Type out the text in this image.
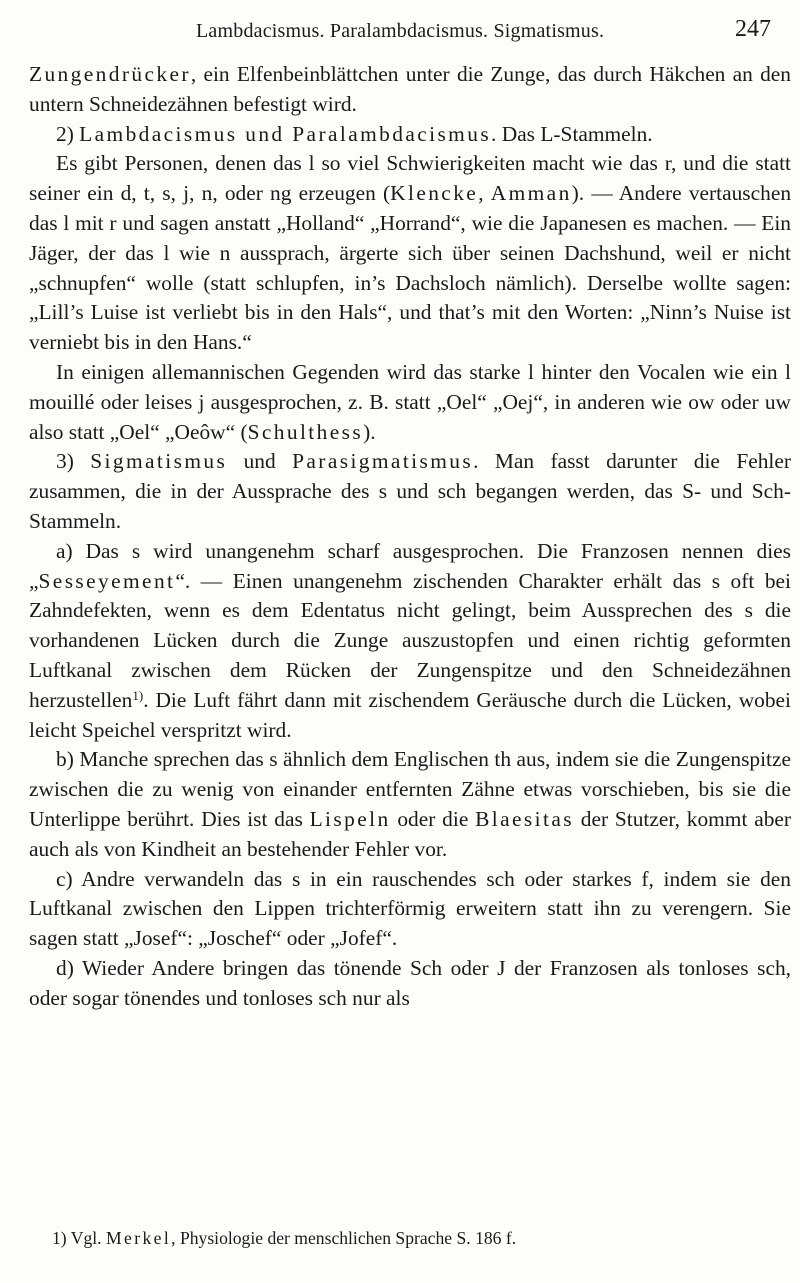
Lambdacismus. Paralambdacismus. Sigmatismus.	247

Zungendrücker, ein Elfenbeinblättchen unter die Zunge, das durch Häkchen an den untern Schneidezähnen befestigt wird.

2) Lambdacismus und Paralambdacismus. Das L-Stammeln.

Es gibt Personen, denen das l so viel Schwierigkeiten macht wie das r, und die statt seiner ein d, t, s, j, n, oder ng erzeugen (Klencke, Amman). — Andere vertauschen das l mit r und sagen anstatt „Holland“ „Horrand“, wie die Japanesen es machen. — Ein Jäger, der das l wie n aussprach, ärgerte sich über seinen Dachshund, weil er nicht „schnupfen“ wolle (statt schlupfen, in’s Dachsloch nämlich). Derselbe wollte sagen: „Lill’s Luise ist verliebt bis in den Hals“, und that’s mit den Worten: „Ninn’s Nuise ist verniebt bis in den Hans.“

In einigen allemannischen Gegenden wird das starke l hinter den Vocalen wie ein l mouillé oder leises j ausgesprochen, z. B. statt „Oel“ „Oej“, in anderen wie ow oder uw also statt „Oel“ „Oeôw“ (Schulthess).

3) Sigmatismus und Parasigmatismus. Man fasst darunter die Fehler zusammen, die in der Aussprache des s und sch begangen werden, das S- und Sch-Stammeln.

a) Das s wird unangenehm scharf ausgesprochen. Die Franzosen nennen dies „Sesseyement“. — Einen unangenehm zischenden Charakter erhält das s oft bei Zahndefekten, wenn es dem Edentatus nicht gelingt, beim Aussprechen des s die vorhandenen Lücken durch die Zunge auszustopfen und einen richtig geformten Luftkanal zwischen dem Rücken der Zungenspitze und den Schneidezähnen herzustellen$^{1)}$. Die Luft fährt dann mit zischendem Geräusche durch die Lücken, wobei leicht Speichel verspritzt wird.

b) Manche sprechen das s ähnlich dem Englischen th aus, indem sie die Zungenspitze zwischen die zu wenig von einander entfernten Zähne etwas vorschieben, bis sie die Unterlippe berührt. Dies ist das Lispeln oder die Blaesitas der Stutzer, kommt aber auch als von Kindheit an bestehender Fehler vor.

c) Andre verwandeln das s in ein rauschendes sch oder starkes f, indem sie den Luftkanal zwischen den Lippen trichterförmig erweitern statt ihn zu verengern. Sie sagen statt „Josef“: „Joschef“ oder „Jofef“.

d) Wieder Andere bringen das tönende Sch oder J der Franzosen als tonloses sch, oder sogar tönendes und tonloses sch nur als

1) Vgl. Merkel, Physiologie der menschlichen Sprache S. 186 f.
